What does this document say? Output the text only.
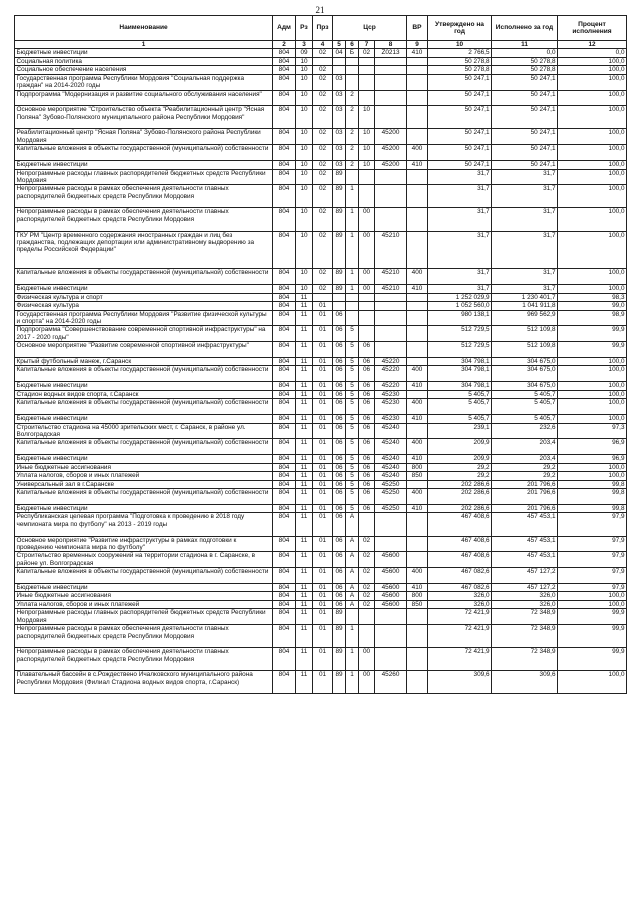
21
Наименование	Адм	Рз	Прз	Цср				ВР	Утверждено на год	Исполнено за год	Процент исполнения
1	2	3	4	5	6	7	8	9	10	11	12
Бюджетные инвестиции	804	09	02	04	Б	02	Z0213	410	2 766,5	0,0	0,0
Социальная политика	804	10							50 278,8	50 278,8	100,0
Социальное обеспечение населения	804	10	02						50 278,8	50 278,8	100,0
Государственная программа Республики Мордовия "Социальная поддержка граждан" на 2014-2020 годы	804	10	02	03					50 247,1	50 247,1	100,0
Подпрограмма "Модернизация и развитие социального обслуживания населения"	804	10	02	03	2				50 247,1	50 247,1	100,0
Основное мероприятие "Строительство объекта "Реабилитационный центр "Ясная Поляна" Зубово-Полянского муниципального района Республики Мордовия"	804	10	02	03	2	10			50 247,1	50 247,1	100,0
Реабилитационный центр "Ясная Поляна" Зубово-Полянского района Республики Мордовия	804	10	02	03	2	10	45200		50 247,1	50 247,1	100,0
Капитальные вложения в объекты государственной (муниципальной) собственности	804	10	02	03	2	10	45200	400	50 247,1	50 247,1	100,0
Бюджетные инвестиции	804	10	02	03	2	10	45200	410	50 247,1	50 247,1	100,0
Непрограммные расходы главных распорядителей бюджетных средств Республики Мордовия	804	10	02	89					31,7	31,7	100,0
Непрограммные расходы в рамках обеспечения деятельности главных распорядителей бюджетных средств Республики Мордовия	804	10	02	89	1				31,7	31,7	100,0
Непрограммные расходы в рамках обеспечения деятельности главных распорядителей бюджетных средств Республики Мордовия	804	10	02	89	1	00			31,7	31,7	100,0
ГКУ РМ "Центр временного содержания иностранных граждан и лиц без гражданства, подлежащих депортации или административному выдворению за пределы Российской Федерации"	804	10	02	89	1	00	45210		31,7	31,7	100,0
Капитальные вложения в объекты государственной (муниципальной) собственности	804	10	02	89	1	00	45210	400	31,7	31,7	100,0
Бюджетные инвестиции	804	10	02	89	1	00	45210	410	31,7	31,7	100,0
Физическая культура и спорт	804	11							1 252 029,9	1 230 401,7	98,3
Физическая культура	804	11	01						1 052 560,0	1 041 911,8	99,0
Государственная программа Республики Мордовия "Развитие физической культуры и спорта" на 2014-2020 годы	804	11	01	06					980 138,1	969 562,9	98,9
Подпрограмма "Совершенствование современной спортивной инфраструктуры" на 2017 - 2020 годы"	804	11	01	06	5				512 729,5	512 109,8	99,9
Основное мероприятие "Развитие современной спортивной инфраструктуры"	804	11	01	06	5	06			512 729,5	512 109,8	99,9
Крытый футбольный манеж, г.Саранск	804	11	01	06	5	06	45220		304 798,1	304 675,0	100,0
Капитальные вложения в объекты государственной (муниципальной) собственности	804	11	01	06	5	06	45220	400	304 798,1	304 675,0	100,0
Бюджетные инвестиции	804	11	01	06	5	06	45220	410	304 798,1	304 675,0	100,0
Стадион водных видов спорта, г.Саранск	804	11	01	06	5	06	45230		5 405,7	5 405,7	100,0
Капитальные вложения в объекты государственной (муниципальной) собственности	804	11	01	06	5	06	45230	400	5 405,7	5 405,7	100,0
Бюджетные инвестиции	804	11	01	06	5	06	45230	410	5 405,7	5 405,7	100,0
Строительство стадиона на 45000 зрительских мест, г. Саранск, в районе ул. Волгоградская	804	11	01	06	5	06	45240		239,1	232,6	97,3
Капитальные вложения в объекты государственной (муниципальной) собственности	804	11	01	06	5	06	45240	400	209,9	203,4	96,9
Бюджетные инвестиции	804	11	01	06	5	06	45240	410	209,9	203,4	96,9
Иные бюджетные ассигнования	804	11	01	06	5	06	45240	800	29,2	29,2	100,0
Уплата налогов, сборов и иных платежей	804	11	01	06	5	06	45240	850	29,2	29,2	100,0
Универсальный зал в г.Саранске	804	11	01	06	5	06	45250		202 286,6	201 796,6	99,8
Капитальные вложения в объекты государственной (муниципальной) собственности	804	11	01	06	5	06	45250	400	202 286,6	201 796,6	99,8
Бюджетные инвестиции	804	11	01	06	5	06	45250	410	202 286,6	201 796,6	99,8
Республиканская целевая программа "Подготовка к проведению в 2018 году чемпионата мира по футболу" на 2013 - 2019 годы	804	11	01	06	А				467 408,6	457 453,1	97,9
Основное мероприятие "Развитие инфраструктуры в рамках подготовки к проведению чемпионата мира по футболу"	804	11	01	06	А	02			467 408,6	457 453,1	97,9
Строительство временных сооружений на территории стадиона в г. Саранске, в районе ул. Волгоградская	804	11	01	06	А	02	45600		467 408,6	457 453,1	97,9
Капитальные вложения в объекты государственной (муниципальной) собственности	804	11	01	06	А	02	45600	400	467 082,6	457 127,2	97,9
Бюджетные инвестиции	804	11	01	06	А	02	45600	410	467 082,6	457 127,2	97,9
Иные бюджетные ассигнования	804	11	01	06	А	02	45600	800	326,0	326,0	100,0
Уплата налогов, сборов и иных платежей	804	11	01	06	А	02	45600	850	326,0	326,0	100,0
Непрограммные расходы главных распорядителей бюджетных средств Республики Мордовия	804	11	01	89					72 421,9	72 348,9	99,9
Непрограммные расходы в рамках обеспечения деятельности главных распорядителей бюджетных средств Республики Мордовия	804	11	01	89	1				72 421,9	72 348,9	99,9
Непрограммные расходы в рамках обеспечения деятельности главных распорядителей бюджетных средств Республики Мордовия	804	11	01	89	1	00			72 421,9	72 348,9	99,9
Плавательный бассейн в с.Рождествено Ичалковского муниципального района Республики Мордовия (Филиал Стадиона водных видов спорта, г.Саранск)	804	11	01	89	1	00	45260		309,6	309,6	100,0
